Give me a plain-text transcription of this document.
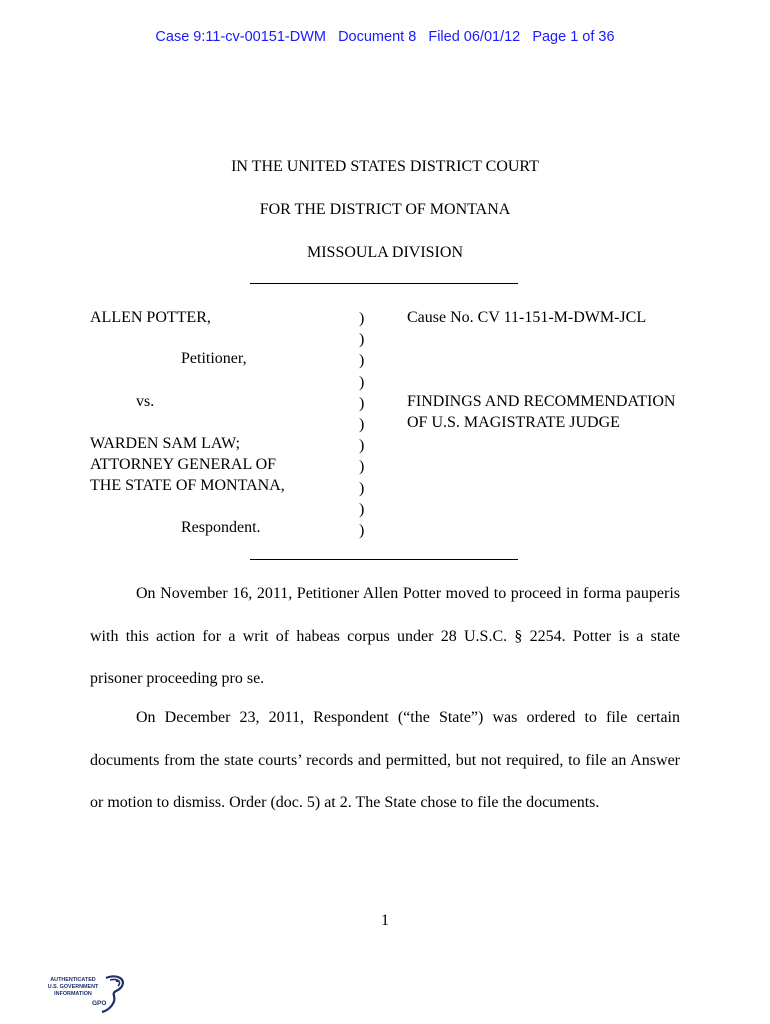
Case 9:11-cv-00151-DWM   Document 8   Filed 06/01/12   Page 1 of 36
IN THE UNITED STATES DISTRICT COURT
FOR THE DISTRICT OF MONTANA
MISSOULA DIVISION
ALLEN POTTER,
Petitioner,
vs.
WARDEN SAM LAW;
ATTORNEY GENERAL OF
THE STATE OF MONTANA,
Respondent.
)
)
)
)
)
)
)
)
)
)
)
Cause No. CV 11-151-M-DWM-JCL
FINDINGS AND RECOMMENDATION
OF U.S. MAGISTRATE JUDGE

On November 16, 2011, Petitioner Allen Potter moved to proceed in forma pauperis with this action for a writ of habeas corpus under 28 U.S.C. § 2254. Potter is a state prisoner proceeding pro se.

On December 23, 2011, Respondent (“the State”) was ordered to file certain documents from the state courts’ records and permitted, but not required, to file an Answer or motion to dismiss. Order (doc. 5) at 2. The State chose to file the documents.

1
AUTHENTICATED
U.S. GOVERNMENT
INFORMATION
GPO
